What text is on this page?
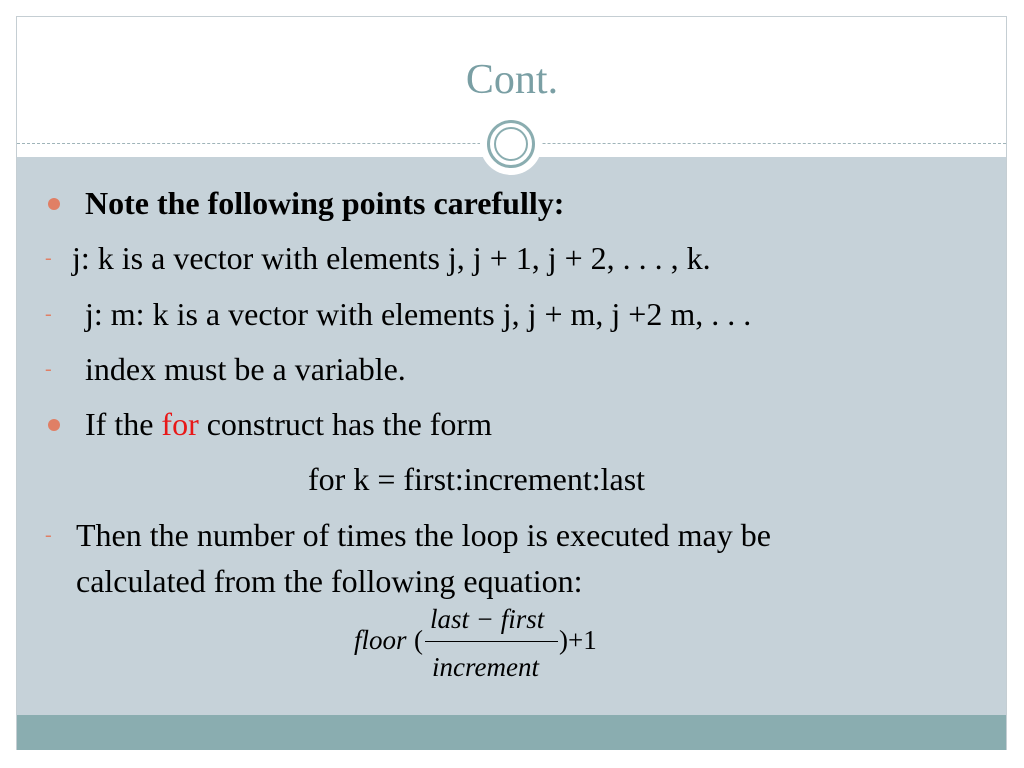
Cont.
Note the following points carefully:
- j: k is a vector with elements j, j + 1, j + 2, . . . , k.
- j: m: k is a vector with elements j, j + m, j +2 m, . . .
- index must be a variable.
If the for construct has the form
for k = first:increment:last
- Then the number of times the loop is executed may be
calculated from the following equation:
floor (
last − first
increment
)+1
